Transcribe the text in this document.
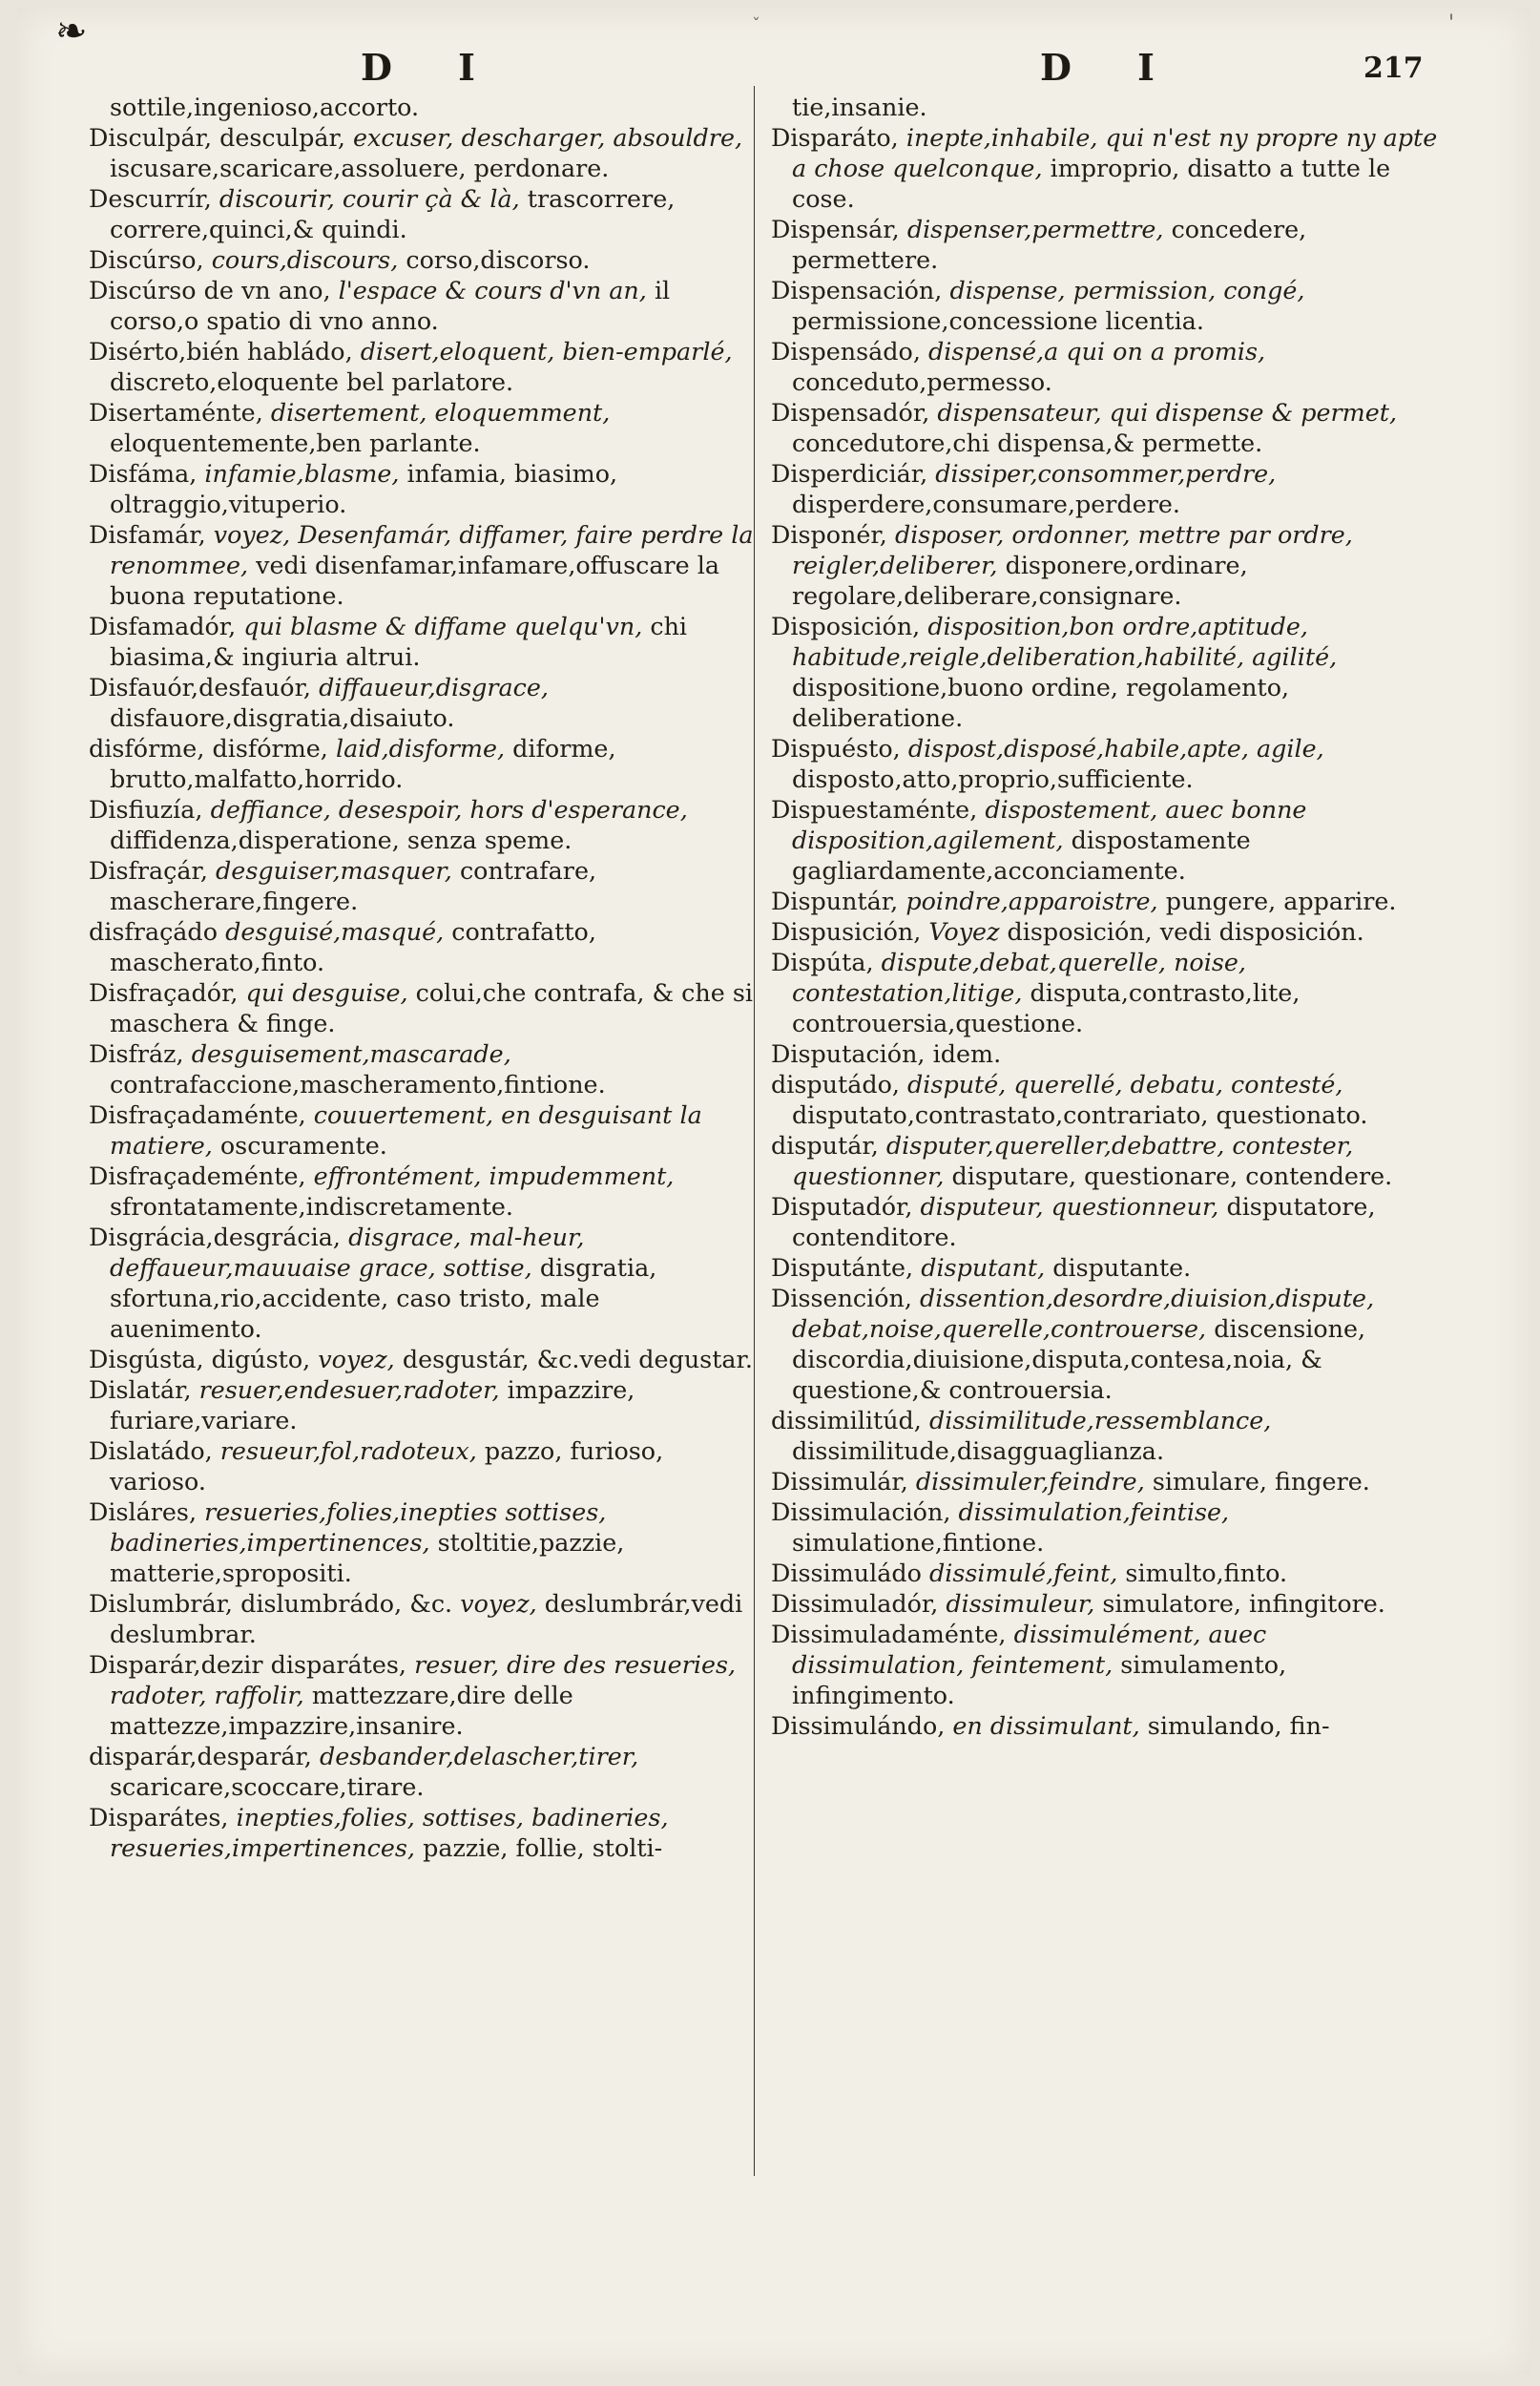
❧	ˇ	'
D I	D I	217

sottile,ingenioso,accorto.

Disculpár, desculpár, excuser, descharger, absouldre, iscusare,scaricare,assoluere, perdonare.

Descurrír, discourir, courir çà & là, trascorrere, correre,quinci,& quindi.

Discúrso, cours,discours, corso,discorso.

Discúrso de vn ano, l'espace & cours d'vn an, il corso,o spatio di vno anno.

Disérto,bién habládo, disert,eloquent, bien-emparlé, discreto,eloquente bel parlatore.

Disertaménte, disertement, eloquemment, eloquentemente,ben parlante.

Disfáma, infamie,blasme, infamia, biasimo, oltraggio,vituperio.

Disfamár, voyez, Desenfamár, diffamer, faire perdre la renommee, vedi disenfamar,infamare,offuscare la buona reputatione.

Disfamadór, qui blasme & diffame quelqu'vn, chi biasima,& ingiuria altrui.

Disfauór,desfauór, diffaueur,disgrace, disfauore,disgratia,disaiuto.

disfórme, disfórme, laid,disforme, diforme, brutto,malfatto,horrido.

Disfiuzía, deffiance, desespoir, hors d'esperance, diffidenza,disperatione, senza speme.

Disfraçár, desguiser,masquer, contrafare, mascherare,fingere.

disfraçádo desguisé,masqué, contrafatto, mascherato,finto.

Disfraçadór, qui desguise, colui,che contrafa, & che si maschera & finge.

Disfráz, desguisement,mascarade, contrafaccione,mascheramento,fintione.

Disfraçadaménte, couuertement, en desguisant la matiere, oscuramente.

Disfraçademénte, effrontément, impudemment, sfrontatamente,indiscretamente.

Disgrácia,desgrácia, disgrace, mal-heur, deffaueur,mauuaise grace, sottise, disgratia, sfortuna,rio,accidente, caso tristo, male auenimento.

Disgústa, digústo, voyez, desgustár, &c.vedi degustar.

Dislatár, resuer,endesuer,radoter, impazzire, furiare,variare.

Dislatádo, resueur,fol,radoteux, pazzo, furioso, varioso.

Disláres, resueries,folies,inepties sottises, badineries,impertinences, stoltitie,pazzie, matterie,spropositi.

Dislumbrár, dislumbrádo, &c. voyez, deslumbrár,vedi deslumbrar.

Disparár,dezir disparátes, resuer, dire des resueries, radoter, raffolir, mattezzare,dire delle mattezze,impazzire,insanire.

disparár,desparár, desbander,delascher,tirer, scaricare,scoccare,tirare.

Disparátes, inepties,folies, sottises, badineries, resueries,impertinences, pazzie, follie, stolti-

tie,insanie.

Disparáto, inepte,inhabile, qui n'est ny propre ny apte a chose quelconque, improprio, disatto a tutte le cose.

Dispensár, dispenser,permettre, concedere, permettere.

Dispensación, dispense, permission, congé, permissione,concessione licentia.

Dispensádo, dispensé,a qui on a promis, conceduto,permesso.

Dispensadór, dispensateur, qui dispense & permet, concedutore,chi dispensa,& permette.

Disperdiciár, dissiper,consommer,perdre, disperdere,consumare,perdere.

Disponér, disposer, ordonner, mettre par ordre, reigler,deliberer, disponere,ordinare, regolare,deliberare,consignare.

Disposición, disposition,bon ordre,aptitude, habitude,reigle,deliberation,habilité, agilité, dispositione,buono ordine, regolamento, deliberatione.

Dispuésto, dispost,disposé,habile,apte, agile, disposto,atto,proprio,sufficiente.

Dispuestaménte, dispostement, auec bonne disposition,agilement, dispostamente gagliardamente,acconciamente.

Dispuntár, poindre,apparoistre, pungere, apparire.

Dispusición, Voyez disposición, vedi disposición.

Dispúta, dispute,debat,querelle, noise, contestation,litige, disputa,contrasto,lite, controuersia,questione.

Disputación, idem.

disputádo, disputé, querellé, debatu, contesté, disputato,contrastato,contrariato, questionato.

disputár, disputer,quereller,debattre, contester, questionner, disputare, questionare, contendere.

Disputadór, disputeur, questionneur, disputatore, contenditore.

Disputánte, disputant, disputante.

Dissención, dissention,desordre,diuision,dispute, debat,noise,querelle,controuerse, discensione, discordia,diuisione,disputa,contesa,noia, & questione,& controuersia.

dissimilitúd, dissimilitude,ressemblance, dissimilitude,disagguaglianza.

Dissimulár, dissimuler,feindre, simulare, fingere.

Dissimulación, dissimulation,feintise, simulatione,fintione.

Dissimuládo dissimulé,feint, simulto,finto.

Dissimuladór, dissimuleur, simulatore, infingitore.

Dissimuladaménte, dissimulément, auec dissimulation, feintement, simulamento, infingimento.

Dissimulándo, en dissimulant, simulando, fin-
